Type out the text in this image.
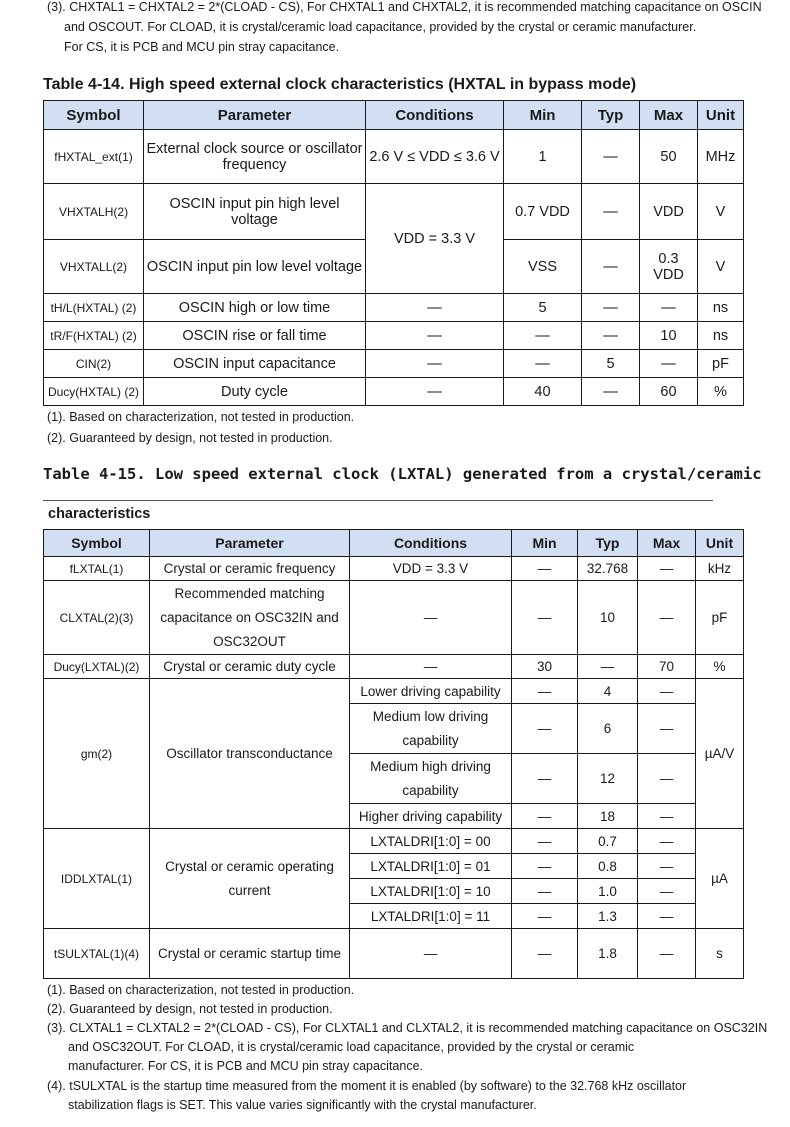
(3). CHXTAL1 = CHXTAL2 = 2*(CLOAD - CS), For CHXTAL1 and CHXTAL2, it is recommended matching capacitance on OSCIN
and OSCOUT. For CLOAD, it is crystal/ceramic load capacitance, provided by the crystal or ceramic manufacturer.
For CS, it is PCB and MCU pin stray capacitance.
Table 4-14. High speed external clock characteristics (HXTAL in bypass mode)
Symbol	Parameter	Conditions	Min	Typ	Max	Unit
fHXTAL_ext(1)	External clock source or oscillator frequency	2.6 V ≤ VDD ≤ 3.6 V	1	—	50	MHz
VHXTALH(2)	OSCIN input pin high level voltage	VDD = 3.3 V	0.7 VDD	—	VDD	V
VHXTALL(2)	OSCIN input pin low level voltage		VSS	—	0.3 VDD	V
tH/L(HXTAL) (2)	OSCIN high or low time	—	5	—	—	ns
tR/F(HXTAL) (2)	OSCIN rise or fall time	—	—	—	10	ns
CIN(2)	OSCIN input capacitance	—	—	5	—	pF
Ducy(HXTAL) (2)	Duty cycle	—	40	—	60	%
(1). Based on characterization, not tested in production.
(2). Guaranteed by design, not tested in production.
Table 4-15. Low speed external clock (LXTAL) generated from a crystal/ceramic
characteristics
Symbol	Parameter	Conditions	Min	Typ	Max	Unit
fLXTAL(1)	Crystal or ceramic frequency	VDD = 3.3 V	—	32.768	—	kHz
CLXTAL(2)(3)	Recommended matching capacitance on OSC32IN and OSC32OUT	—	—	10	—	pF
Ducy(LXTAL)(2)	Crystal or ceramic duty cycle	—	30	—	70	%
gm(2)	Oscillator transconductance	Lower driving capability	—	4	—	µA/V
		Medium low driving capability	—	6	—	
		Medium high driving capability	—	12	—	
		Higher driving capability	—	18	—	
IDDLXTAL(1)	Crystal or ceramic operating current	LXTALDRI[1:0] = 00	—	0.7	—	µA
		LXTALDRI[1:0] = 01	—	0.8	—	
		LXTALDRI[1:0] = 10	—	1.0	—	
		LXTALDRI[1:0] = 11	—	1.3	—	
tSULXTAL(1)(4)	Crystal or ceramic startup time	—	—	1.8	—	s
(1). Based on characterization, not tested in production.
(2). Guaranteed by design, not tested in production.
(3). CLXTAL1 = CLXTAL2 = 2*(CLOAD - CS), For CLXTAL1 and CLXTAL2, it is recommended matching capacitance on OSC32IN
and OSC32OUT. For CLOAD, it is crystal/ceramic load capacitance, provided by the crystal or ceramic
manufacturer. For CS, it is PCB and MCU pin stray capacitance.
(4). tSULXTAL is the startup time measured from the moment it is enabled (by software) to the 32.768 kHz oscillator
stabilization flags is SET. This value varies significantly with the crystal manufacturer.
